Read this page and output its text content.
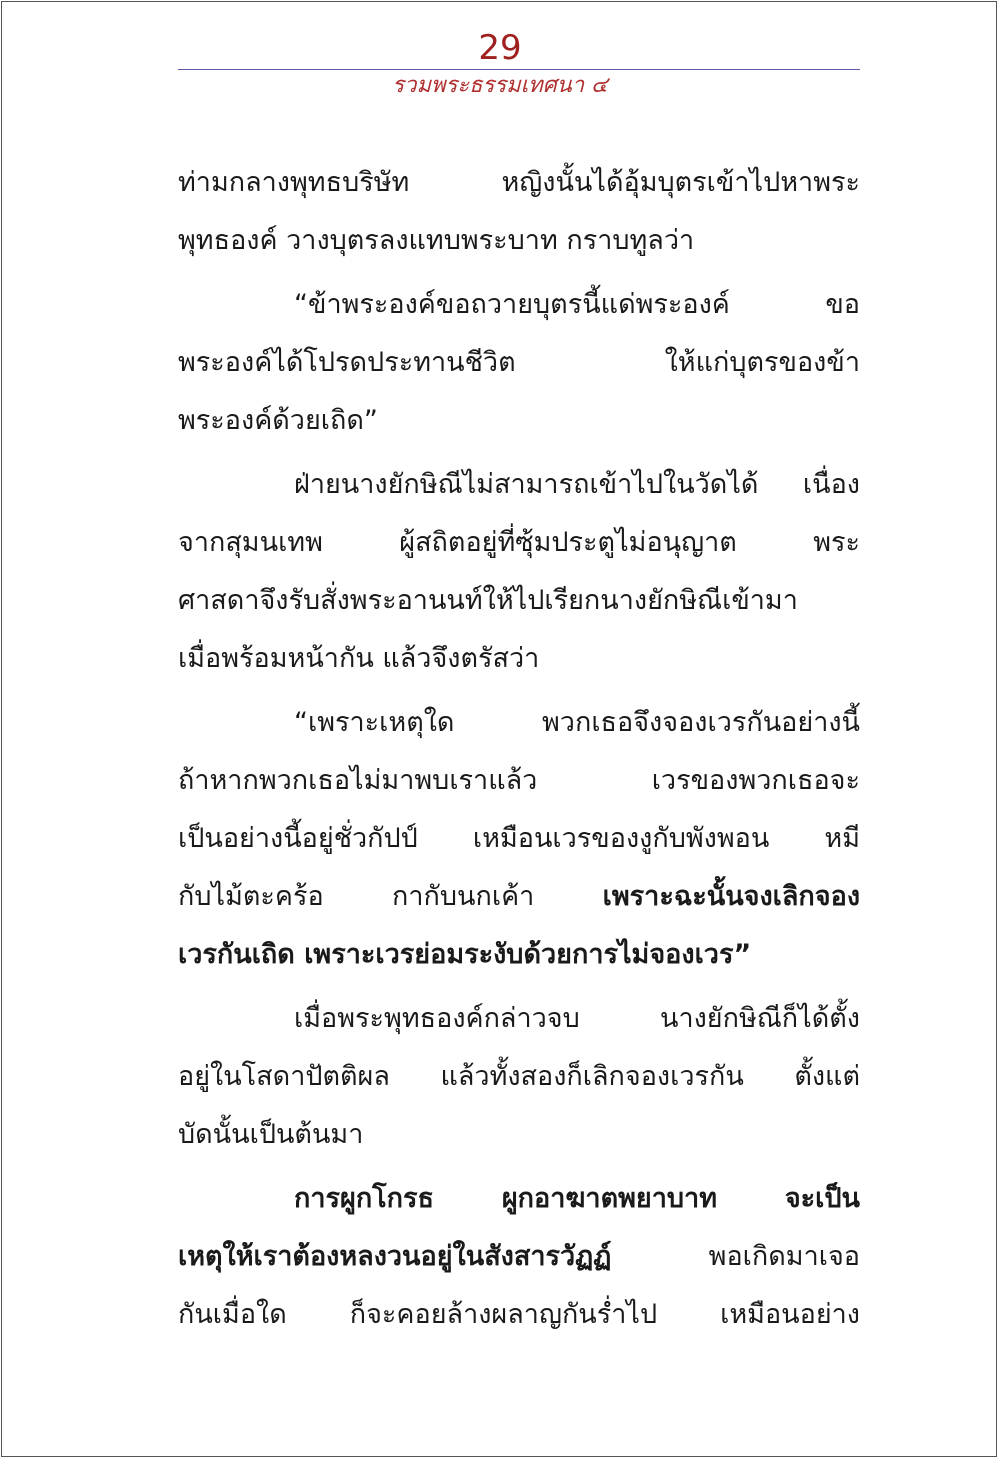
29
รวมพระธรรมเทศนา ๔

ท่ามกลางพุทธบริษัท หญิงนั้นได้อุ้มบุตรเข้าไปหาพระ
พุทธองค์ วางบุตรลงแทบพระบาท กราบทูลว่า

“ข้าพระองค์ขอถวายบุตรนี้แด่พระองค์ ขอ
พระองค์ได้โปรดประทานชีวิต ให้แก่บุตรของข้า
พระองค์ด้วยเถิด”

ฝ่ายนางยักษิณีไม่สามารถเข้าไปในวัดได้ เนื่อง
จากสุมนเทพ ผู้สถิตอยู่ที่ซุ้มประตูไม่อนุญาต พระ
ศาสดาจึงรับสั่งพระอานนท์ให้ไปเรียกนางยักษิณีเข้ามา
เมื่อพร้อมหน้ากัน แล้วจึงตรัสว่า

“เพราะเหตุใด พวกเธอจึงจองเวรกันอย่างนี้
ถ้าหากพวกเธอไม่มาพบเราแล้ว เวรของพวกเธอจะ
เป็นอย่างนี้อยู่ชั่วกัปป์ เหมือนเวรของงูกับพังพอน หมี
กับไม้ตะคร้อ กากับนกเค้า เพราะฉะนั้นจงเลิกจอง
เวรกันเถิด เพราะเวรย่อมระงับด้วยการไม่จองเวร”

เมื่อพระพุทธองค์กล่าวจบ นางยักษิณีก็ได้ตั้ง
อยู่ในโสดาปัตติผล แล้วทั้งสองก็เลิกจองเวรกัน ตั้งแต่
บัดนั้นเป็นต้นมา

การผูกโกรธ ผูกอาฆาตพยาบาท จะเป็น
เหตุให้เราต้องหลงวนอยู่ในสังสารวัฏฏ์ พอเกิดมาเจอ
กันเมื่อใด ก็จะคอยล้างผลาญกันร่ำไป เหมือนอย่าง
